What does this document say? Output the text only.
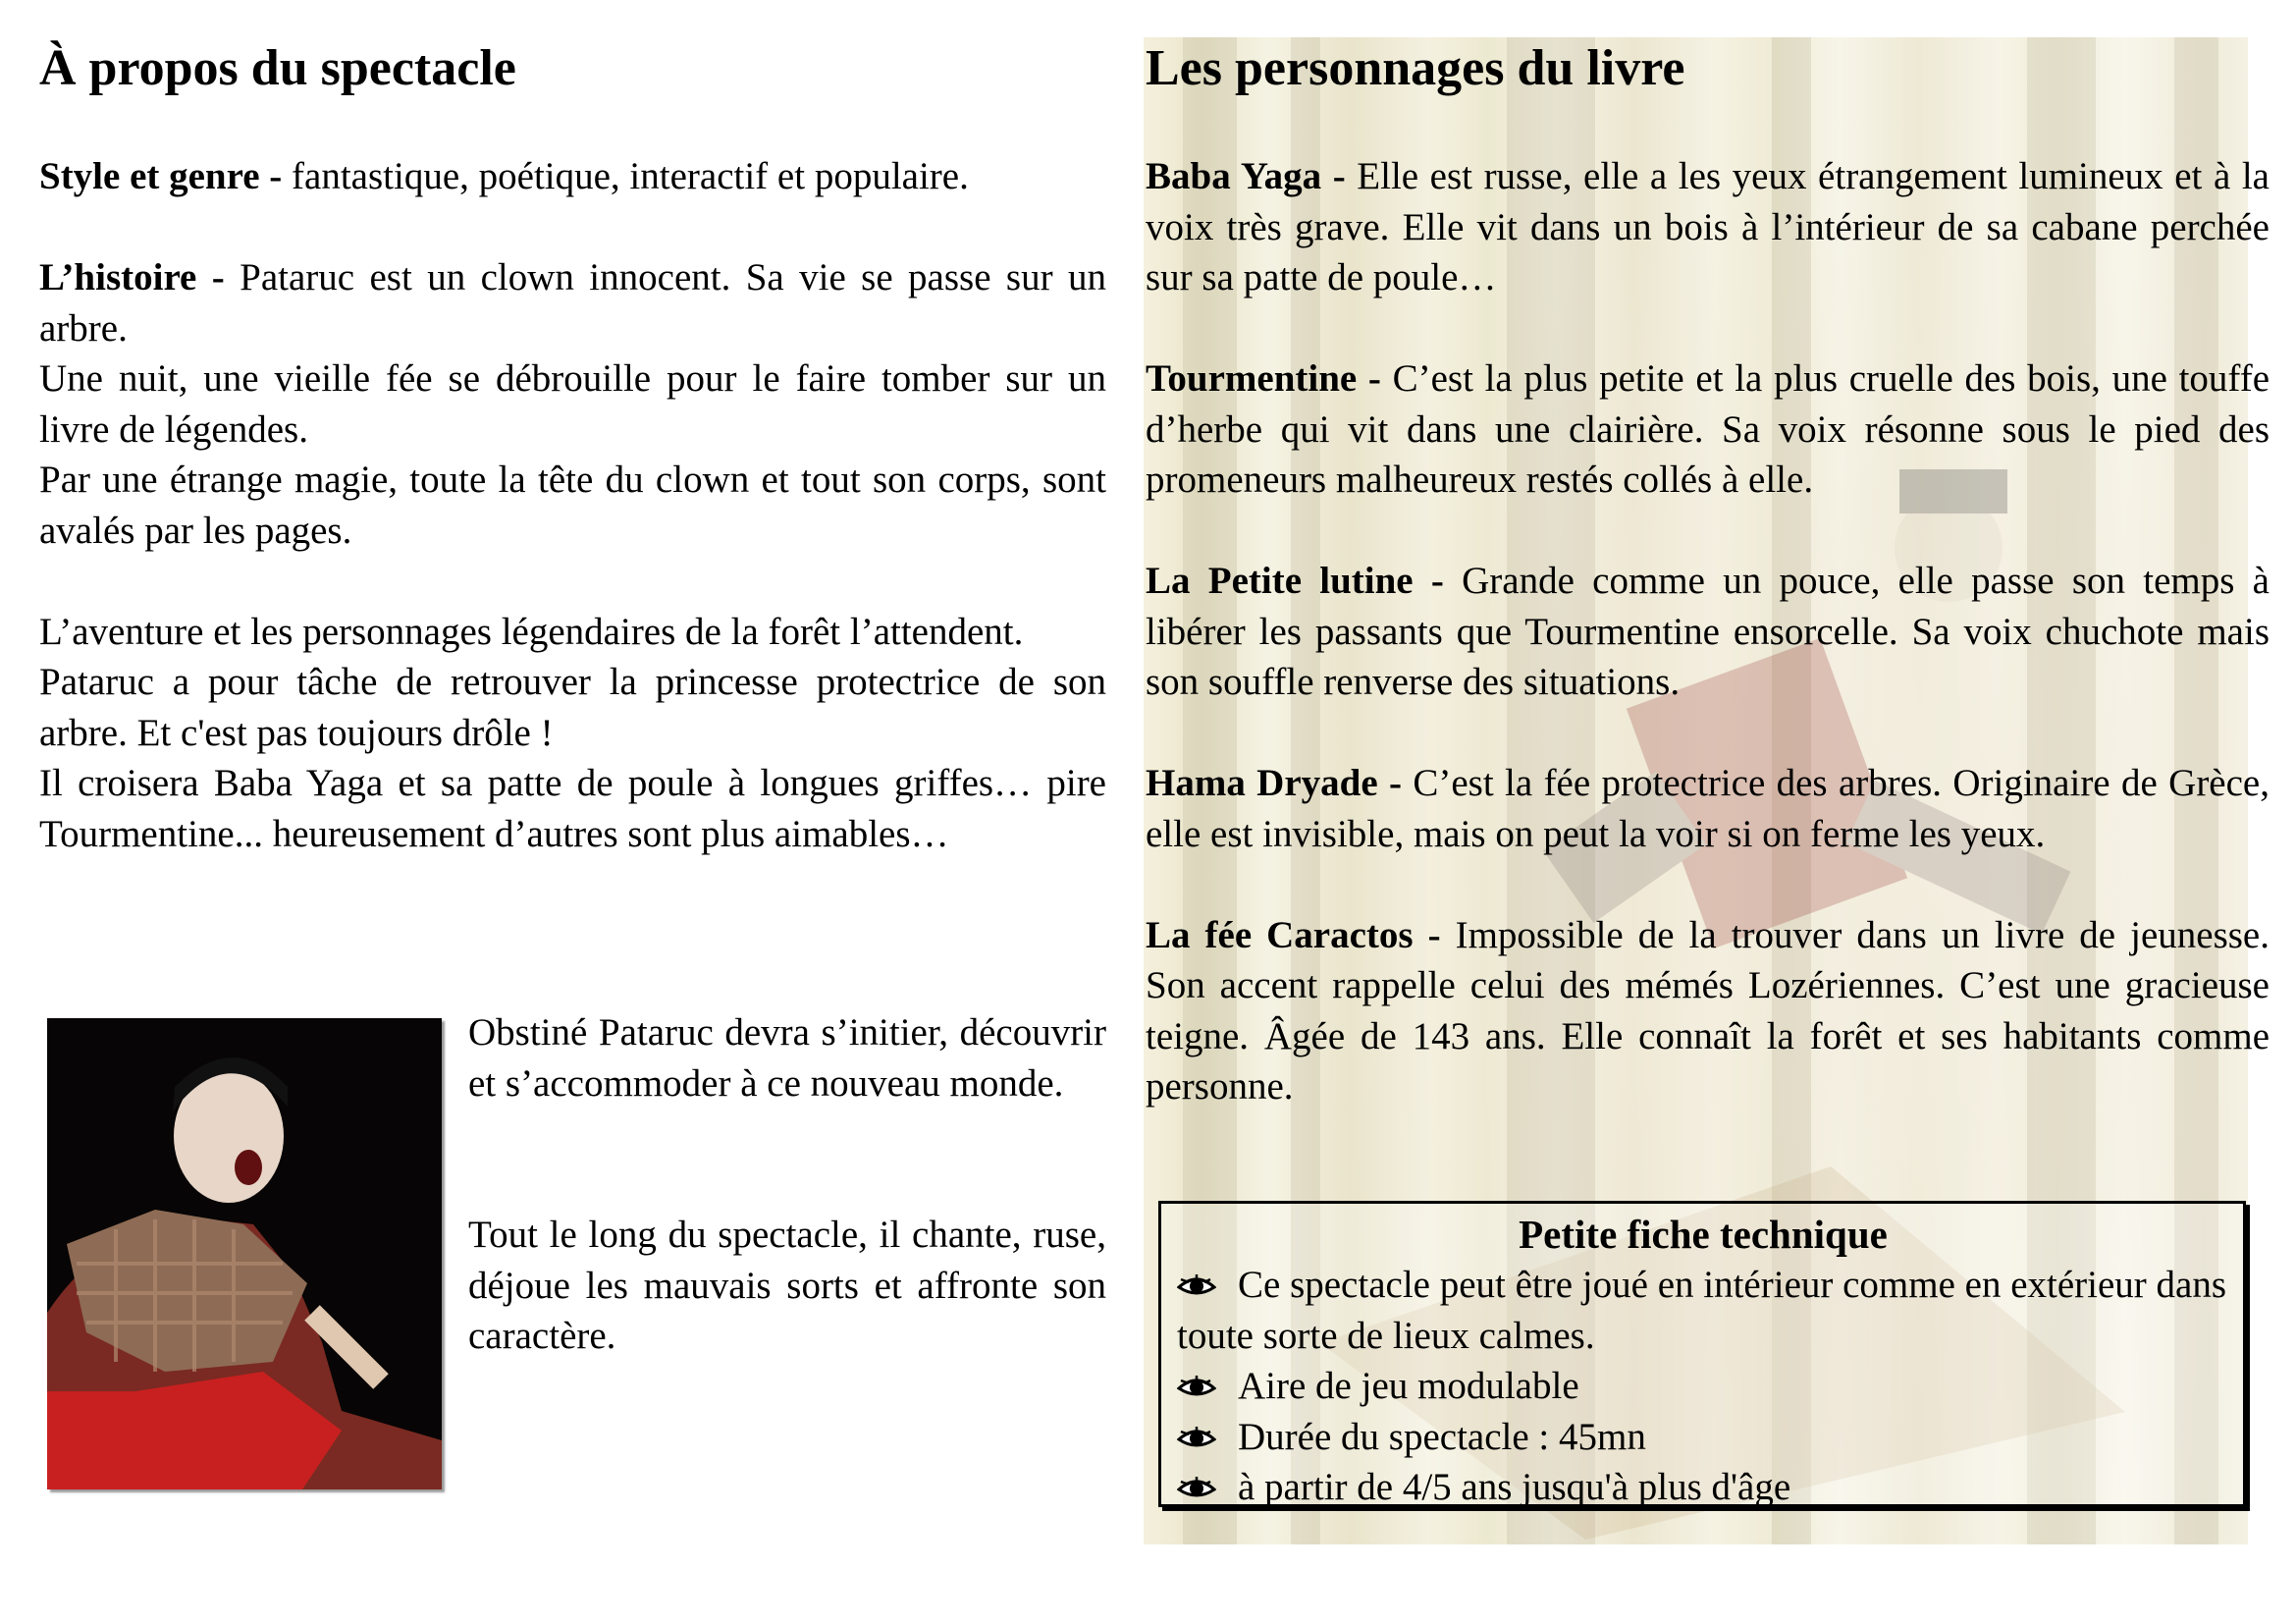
À propos du spectacle

Style et genre - fantastique, poétique, interactif et populaire.

L’histoire - Pataruc est un clown innocent. Sa vie se passe sur un arbre.

Une nuit, une vieille fée se débrouille pour le faire tomber sur un livre de légendes.

Par une étrange magie, toute la tête du clown et tout son corps, sont avalés par les pages.

L’aventure et les personnages légendaires de la forêt l’attendent.

Pataruc a pour tâche de retrouver la princesse protectrice de son arbre. Et c'est pas toujours drôle !

Il croisera Baba Yaga et sa patte de poule à longues griffes… pire Tourmentine... heureusement d’autres sont plus aimables…

Obstiné Pataruc devra s’initier, découvrir et s’accommoder à ce nouveau monde.

Tout le long du spectacle, il chante, ruse, déjoue les mauvais sorts et affronte son caractère.

Les personnages du livre

Baba Yaga - Elle est russe, elle a les yeux étrangement lumineux et à la voix très grave. Elle vit dans un bois à l’intérieur de sa cabane perchée sur sa patte de poule…

Tourmentine - C’est la plus petite et la plus cruelle des bois, une touffe d’herbe qui vit dans une clairière. Sa voix résonne sous le pied des promeneurs malheureux restés collés à elle.

La Petite lutine - Grande comme un pouce, elle passe son temps à libérer les passants que Tourmentine ensorcelle. Sa voix chuchote mais son souffle renverse des situations.

Hama Dryade - C’est la fée protectrice des arbres. Originaire de Grèce, elle est invisible, mais on peut la voir si on ferme les yeux.

La fée Caractos - Impossible de la trouver dans un livre de jeunesse. Son accent rappelle celui des mémés Lozériennes. C’est une gracieuse teigne. Âgée de 143 ans. Elle connaît la forêt et ses habitants comme personne.

Petite fiche technique
Ce spectacle peut être joué en intérieur comme en extérieur dans toute sorte de lieux calmes.
Aire de jeu modulable
Durée du spectacle : 45mn
à partir de 4/5 ans jusqu'à plus d'âge
